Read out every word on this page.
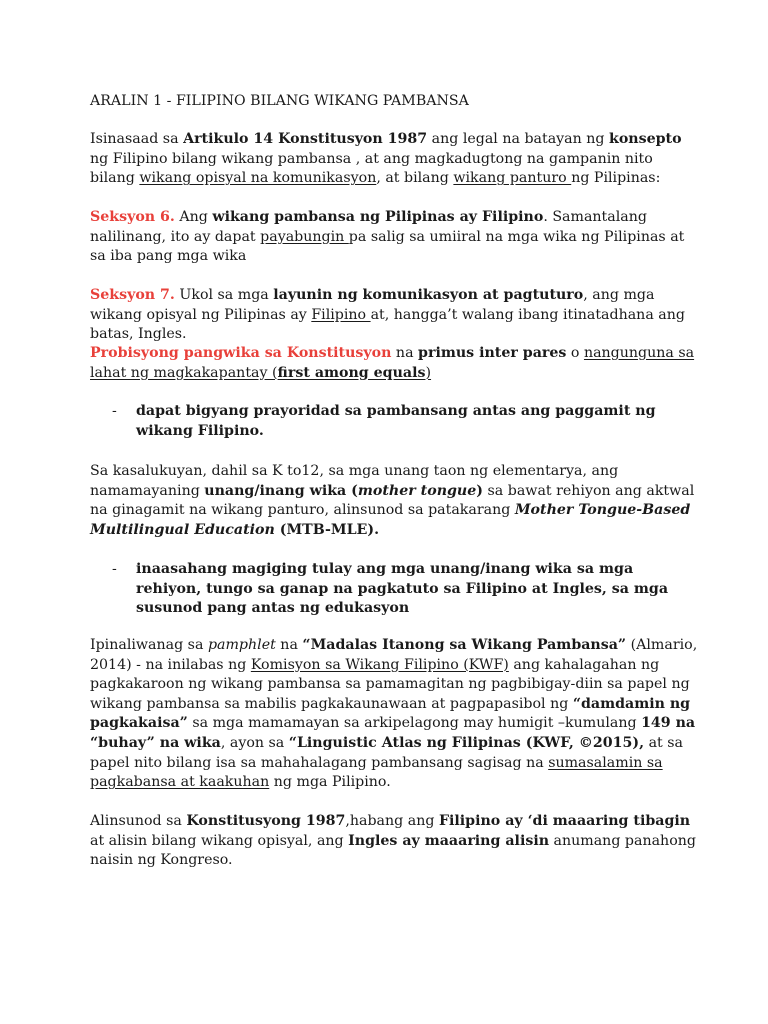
ARALIN 1 - FILIPINO BILANG WIKANG PAMBANSA

Isinasaad sa Artikulo 14 Konstitusyon 1987 ang legal na batayan ng konsepto ng Filipino bilang wikang pambansa , at ang magkadugtong na gampanin nito bilang wikang opisyal na komunikasyon, at bilang wikang panturo ng Pilipinas:

Seksyon 6. Ang wikang pambansa ng Pilipinas ay Filipino. Samantalang nalilinang, ito ay dapat payabungin pa salig sa umiiral na mga wika ng Pilipinas at sa iba pang mga wika

Seksyon 7. Ukol sa mga layunin ng komunikasyon at pagtuturo, ang mga wikang opisyal ng Pilipinas ay Filipino at, hangga’t walang ibang itinatadhana ang batas, Ingles.

Probisyong pangwika sa Konstitusyon na primus inter pares o nangunguna sa lahat ng magkakapantay (first among equals)

- dapat bigyang prayoridad sa pambansang antas ang paggamit ng wikang Filipino.

Sa kasalukuyan, dahil sa K to12, sa mga unang taon ng elementarya, ang namamayaning unang/inang wika (mother tongue) sa bawat rehiyon ang aktwal na ginagamit na wikang panturo, alinsunod sa patakarang Mother Tongue-Based Multilingual Education (MTB-MLE).

- inaasahang magiging tulay ang mga unang/inang wika sa mga rehiyon, tungo sa ganap na pagkatuto sa Filipino at Ingles, sa mga susunod pang antas ng edukasyon

Ipinaliwanag sa pamphlet na “Madalas Itanong sa Wikang Pambansa” (Almario, 2014) - na inilabas ng Komisyon sa Wikang Filipino (KWF) ang kahalagahan ng pagkakaroon ng wikang pambansa sa pamamagitan ng pagbibigay-diin sa papel ng wikang pambansa sa mabilis pagkakaunawaan at pagpapasibol ng “damdamin ng pagkakaisa” sa mga mamamayan sa arkipelagong may humigit –kumulang 149 na “buhay” na wika, ayon sa “Linguistic Atlas ng Filipinas (KWF, ©2015), at sa papel nito bilang isa sa mahahalagang pambansang sagisag na sumasalamin sa pagkabansa at kaakuhan ng mga Pilipino.

Alinsunod sa Konstitusyong 1987,habang ang Filipino ay ‘di maaaring tibagin at alisin bilang wikang opisyal, ang Ingles ay maaaring alisin anumang panahong naisin ng Kongreso.
